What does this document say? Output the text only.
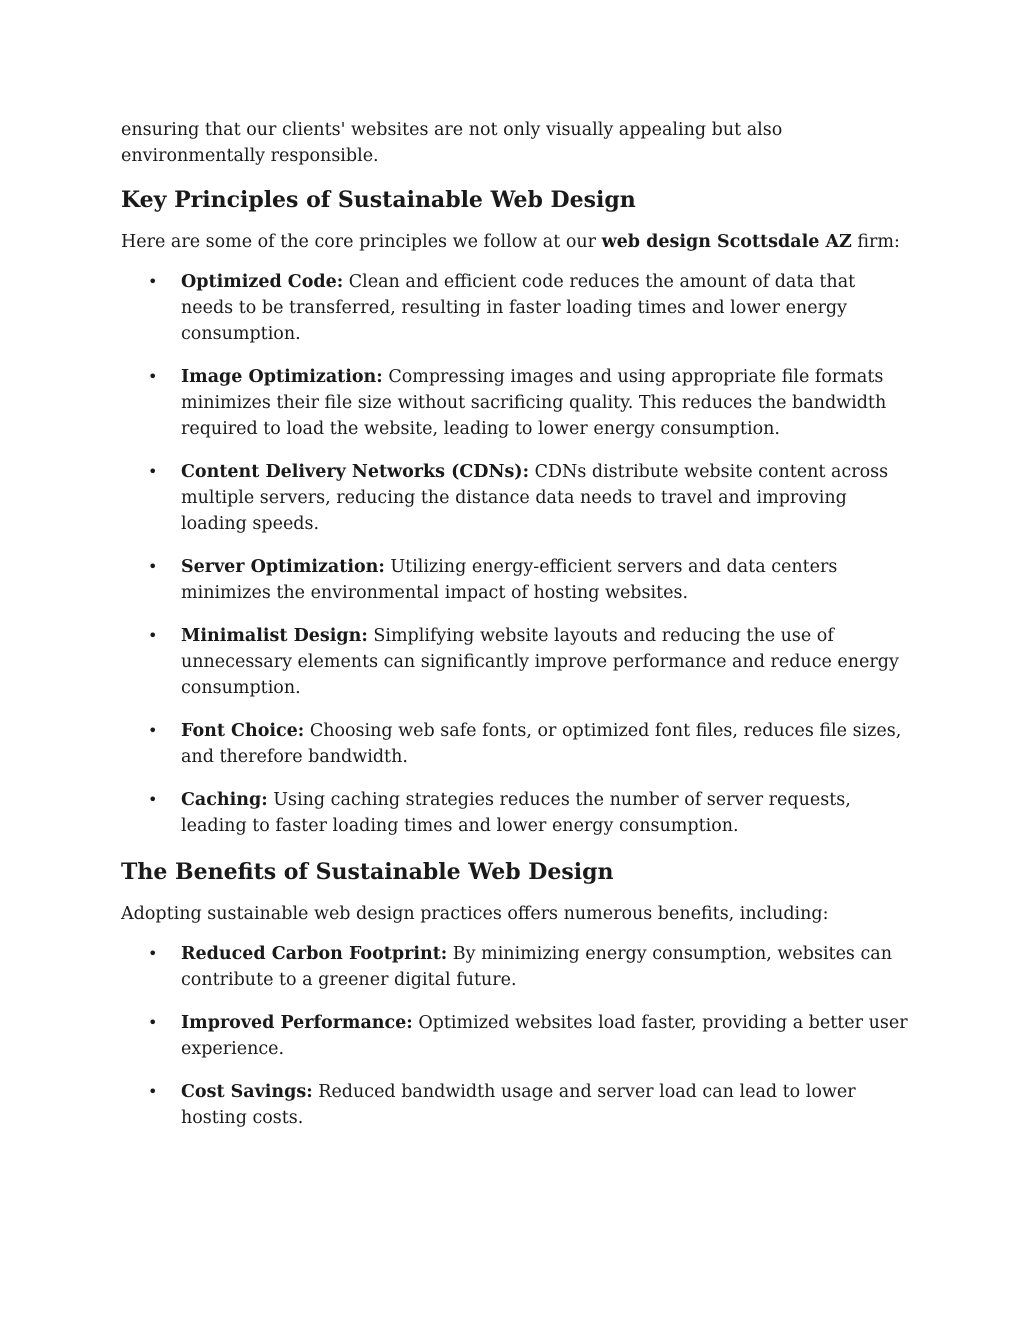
ensuring that our clients' websites are not only visually appealing but also environmentally responsible.

Key Principles of Sustainable Web Design

Here are some of the core principles we follow at our web design Scottsdale AZ firm:

• Optimized Code: Clean and efficient code reduces the amount of data that needs to be transferred, resulting in faster loading times and lower energy consumption.
• Image Optimization: Compressing images and using appropriate file formats minimizes their file size without sacrificing quality. This reduces the bandwidth required to load the website, leading to lower energy consumption.
• Content Delivery Networks (CDNs): CDNs distribute website content across multiple servers, reducing the distance data needs to travel and improving loading speeds.
• Server Optimization: Utilizing energy-efficient servers and data centers minimizes the environmental impact of hosting websites.
• Minimalist Design: Simplifying website layouts and reducing the use of unnecessary elements can significantly improve performance and reduce energy consumption.
• Font Choice: Choosing web safe fonts, or optimized font files, reduces file sizes, and therefore bandwidth.
• Caching: Using caching strategies reduces the number of server requests, leading to faster loading times and lower energy consumption.
The Benefits of Sustainable Web Design

Adopting sustainable web design practices offers numerous benefits, including:

• Reduced Carbon Footprint: By minimizing energy consumption, websites can contribute to a greener digital future.
• Improved Performance: Optimized websites load faster, providing a better user experience.
• Cost Savings: Reduced bandwidth usage and server load can lead to lower hosting costs.
